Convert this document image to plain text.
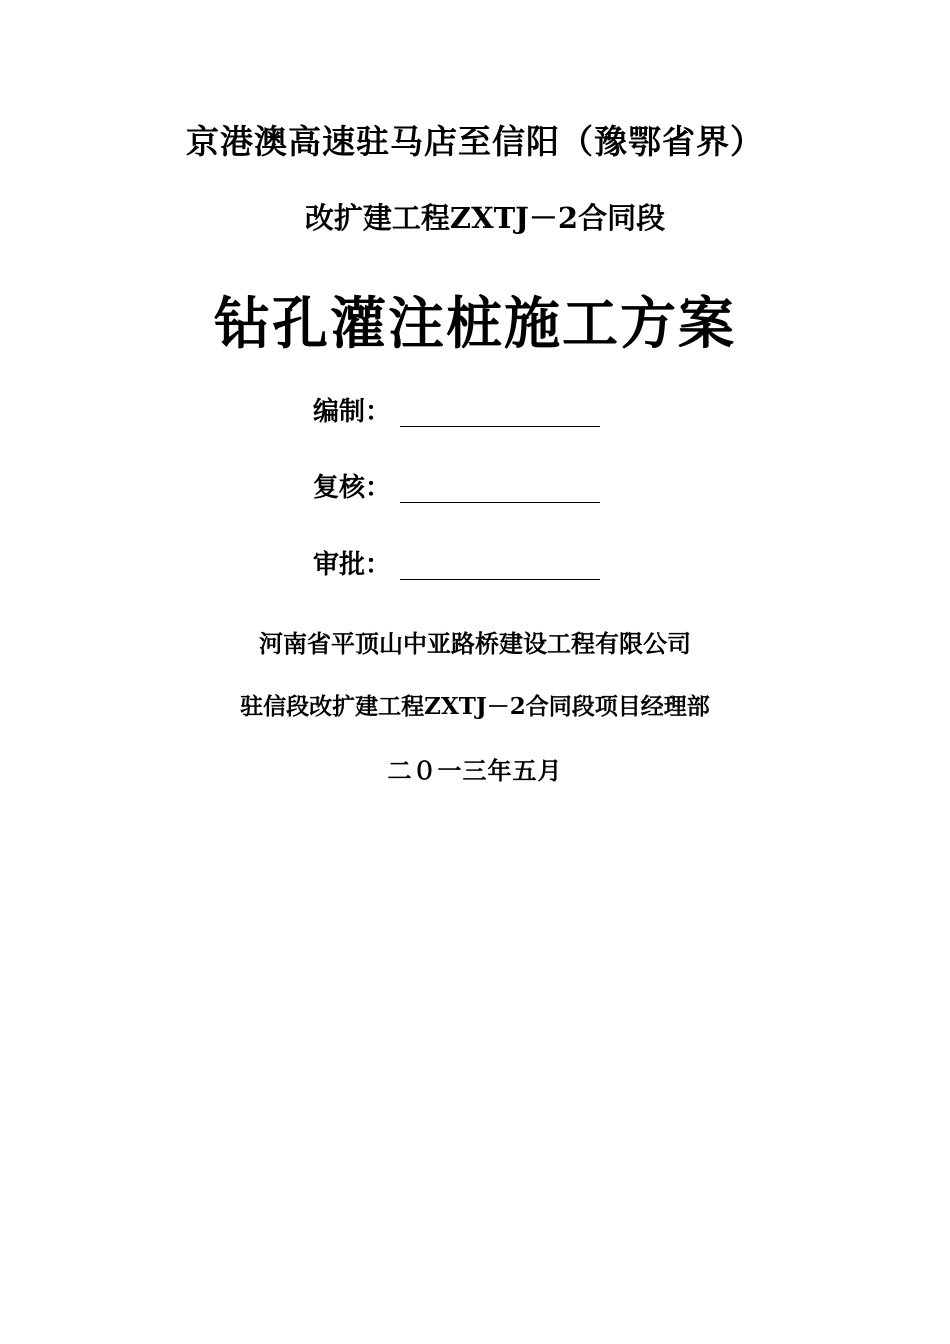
京港澳高速驻马店至信阳（豫鄂省界）
改扩建工程ZXTJ－2合同段
钻孔灌注桩施工方案
编制：
复核：
审批：
河南省平顶山中亚路桥建设工程有限公司
驻信段改扩建工程ZXTJ－2合同段项目经理部
二０一三年五月
